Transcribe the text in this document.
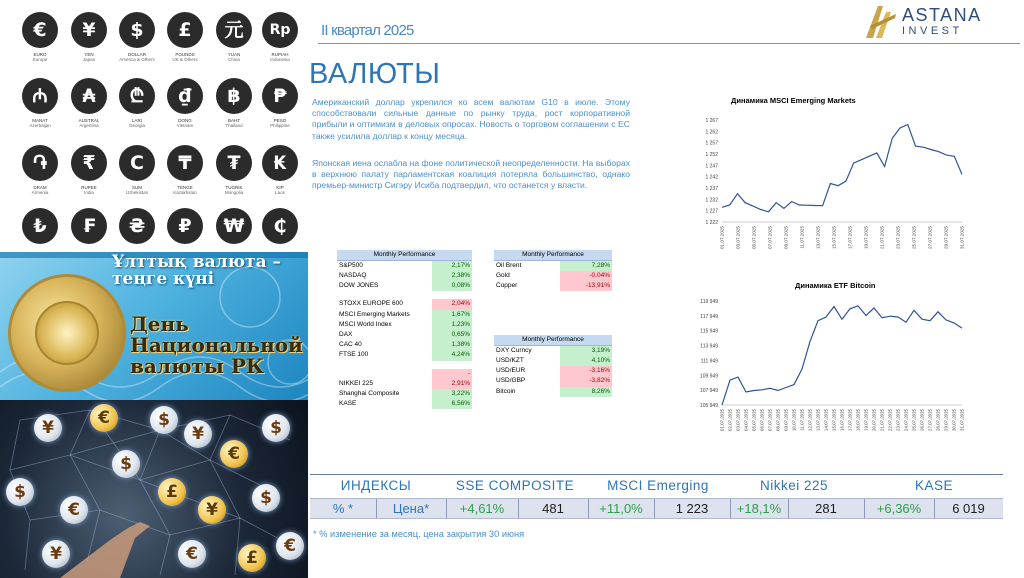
€
EURO
Europe
¥
YEN
Japan
$
DOLLAR
America & Others
£
POUNDS
UK & Others
元
YUAN
China
Rp
RUPIAH
Indonesia
₼
MANAT
Azerbaijan
₳
AUSTRAL
Argentina
₾
LARI
Georgia
₫
DONG
Vietnam
฿
BAHT
Thailand
₱
PESO
Philippine
֏
DRAM
Armenia
₹
RUPEE
India
С
SUM
Uzbekistan
₸
TENGE
Kazakhstan
₮
TUGRIK
Mongolia
₭
KIP
Laos
₺	₣	₴	₽	₩	₵
Ұлттық валюта – теңге күні
День Национальной валюты РК
$
¥	€	$
¥
€
$
$
£
€	¥
$
¥	€	£
€
II квартал 2025
ASTANA
INVEST
ВАЛЮТЫ
Американский доллар укрепился ко всем валютам G10 в июле. Этому способствовали сильные данные по рынку труда, рост корпоративной прибыли и оптимизм в деловых опросах. Новость о торговом соглашении с ЕС также усилила доллар к концу месяца.
Японская иена ослабла на фоне политической неопределенности. На выборах в верхнюю палату парламентская коалиция потеряла большинство, однако премьер-министр Сигэру Исиба подтвердил, что останется у власти.
Monthly Performance	
S&P500	2,17%
NASDAQ	2,38%
DOW JONES	0,08%

STOXX EUROPE 600	2,04%
MSCI Emerging Markets	1,67%
MSCI World Index	1,23%
DAX	0,65%
CAC 40	1,38%
FTSE 100	4,24%

	-
NIKKEI 225	2,91%
Shanghai Composite	3,22%
KASE	6,56%
Monthly Performance	
Oil Brent	7,28%
Gold	-0,04%
Copper	-13,91%
Monthly Performance	
DXY Curncy	3,19%
USD/KZT	4,10%
USD/EUR	-3,16%
USD/GBP	-3,82%
Bitcoin	8,26%
Динамика MSCI Emerging Markets
1 222
1 227
1 232
1 237
1 242
1 247
1 252
1 257
1 262
1 267
01.07.2025 03.07.2025 05.07.2025 07.07.2025 09.07.2025 11.07.2025 13.07.2025 15.07.2025 17.07.2025 19.07.2025 21.07.2025 23.07.2025 25.07.2025 27.07.2025 29.07.2025 31.07.2025
Динамика ETF Bitcoin
105 949
107 949
109 949
111 949
113 949
115 949
117 949
119 949
01.07.2025 02.07.2025 03.07.2025 04.07.2025 05.07.2025 06.07.2025 07.07.2025 08.07.2025 09.07.2025 10.07.2025 11.07.2025 12.07.2025 13.07.2025 14.07.2025 15.07.2025 16.07.2025 17.07.2025 18.07.2025 19.07.2025 20.07.2025 21.07.2025 22.07.2025 23.07.2025 24.07.2025 25.07.2025 26.07.2025 27.07.2025 28.07.2025 29.07.2025 30.07.2025 31.07.2025
ИНДЕКСЫ	SSE COMPOSITE	MSCI Emerging	Nikkei 225	KASE
% *	Цена*	+4,61%	481	+11,0%	1 223	+18,1%	281	+6,36%	6 019
* % изменение за месяц, цена закрытия 30 июня
